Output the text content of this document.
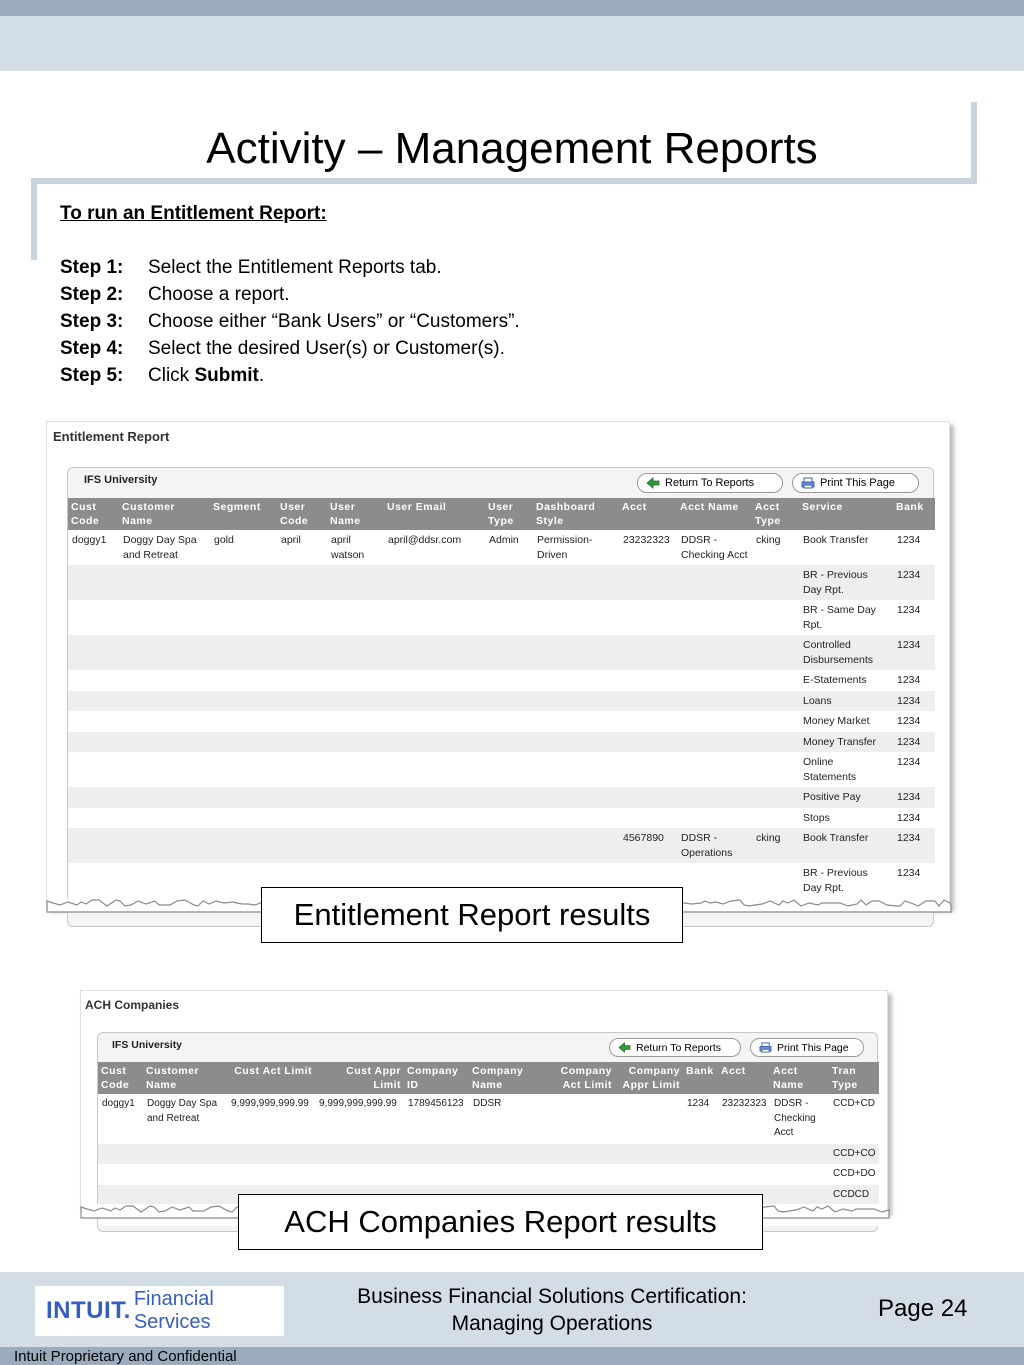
Activity – Management Reports
To run an Entitlement Report:
Step 1: Select the Entitlement Reports tab.
Step 2: Choose a report.
Step 3: Choose either “Bank Users” or “Customers”.
Step 4: Select the desired User(s) or Customer(s).
Step 5: Click Submit.
Entitlement Report
IFS University	Return To Reports	Print This Page
Cust Code	Customer Name	Segment	User Code	User Name	User Email	User Type	Dashboard Style	Acct	Acct Name	Acct Type	Service	Bank
doggy1	Doggy Day Spa and Retreat	gold	april	april watson	april@ddsr.com	Admin	Permission-Driven	23232323	DDSR - Checking Acct	cking	Book Transfer	1234
											BR - Previous Day Rpt.	1234
											BR - Same Day Rpt.	1234
											Controlled Disbursements	1234
											E-Statements	1234
											Loans	1234
											Money Market	1234
											Money Transfer	1234
											Online Statements	1234
											Positive Pay	1234
											Stops	1234
								4567890	DDSR - Operations	cking	Book Transfer	1234
											BR - Previous Day Rpt.	1234
Entitlement Report results
ACH Companies
IFS University	Return To Reports	Print This Page
Cust Code	Customer Name	Cust Act Limit	Cust Appr Limit	Company ID	Company Name	Company Act Limit	Company Appr Limit	Bank	Acct	Acct Name	Tran Type
doggy1	Doggy Day Spa and Retreat	9,999,999,999.99	9,999,999,999.99	1789456123	DDSR			1234	23232323	DDSR - Checking Acct	CCD+CD
											CCD+CO
											CCD+DO
											CCDCD

ACH Companies Report results
INTUIT. Financial Services
Business Financial Solutions Certification:
Managing Operations
Page 24
Intuit Proprietary and Confidential
